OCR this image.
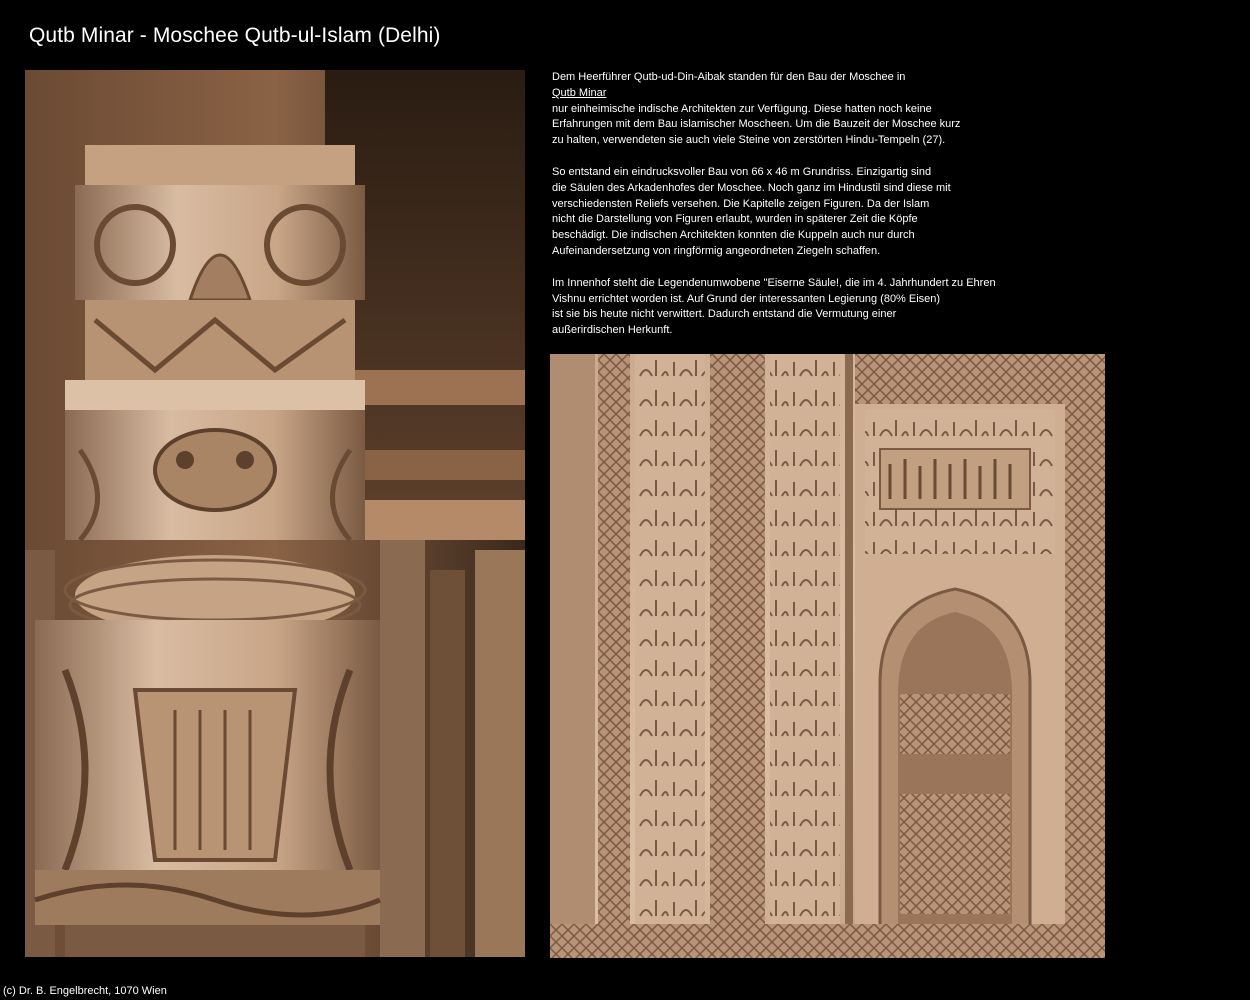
Qutb Minar - Moschee Qutb-ul-Islam (Delhi)

Dem Heerführer Qutb-ud-Din-Aibak standen für den Bau der Moschee in
Qutb Minar
nur einheimische indische Architekten zur Verfügung. Diese hatten noch keine
Erfahrungen mit dem Bau islamischer Moscheen. Um die Bauzeit der Moschee kurz
zu halten, verwendeten sie auch viele Steine von zerstörten Hindu-Tempeln (27).

So entstand ein eindrucksvoller Bau von 66 x 46 m Grundriss. Einzigartig sind
die Säulen des Arkadenhofes der Moschee. Noch ganz im Hindustil sind diese mit
verschiedensten Reliefs versehen. Die Kapitelle zeigen Figuren. Da der Islam
nicht die Darstellung von Figuren erlaubt, wurden in späterer Zeit die Köpfe
beschädigt. Die indischen Architekten konnten die Kuppeln auch nur durch
Aufeinandersetzung von ringförmig angeordneten Ziegeln schaffen.

Im Innenhof steht die Legendenumwobene "Eiserne Säule!, die im 4. Jahrhundert zu Ehren
Vishnu errichtet worden ist. Auf Grund der interessanten Legierung (80% Eisen)
ist sie bis heute nicht verwittert. Dadurch entstand die Vermutung einer
außerirdischen Herkunft.

(c) Dr. B. Engelbrecht, 1070 Wien
